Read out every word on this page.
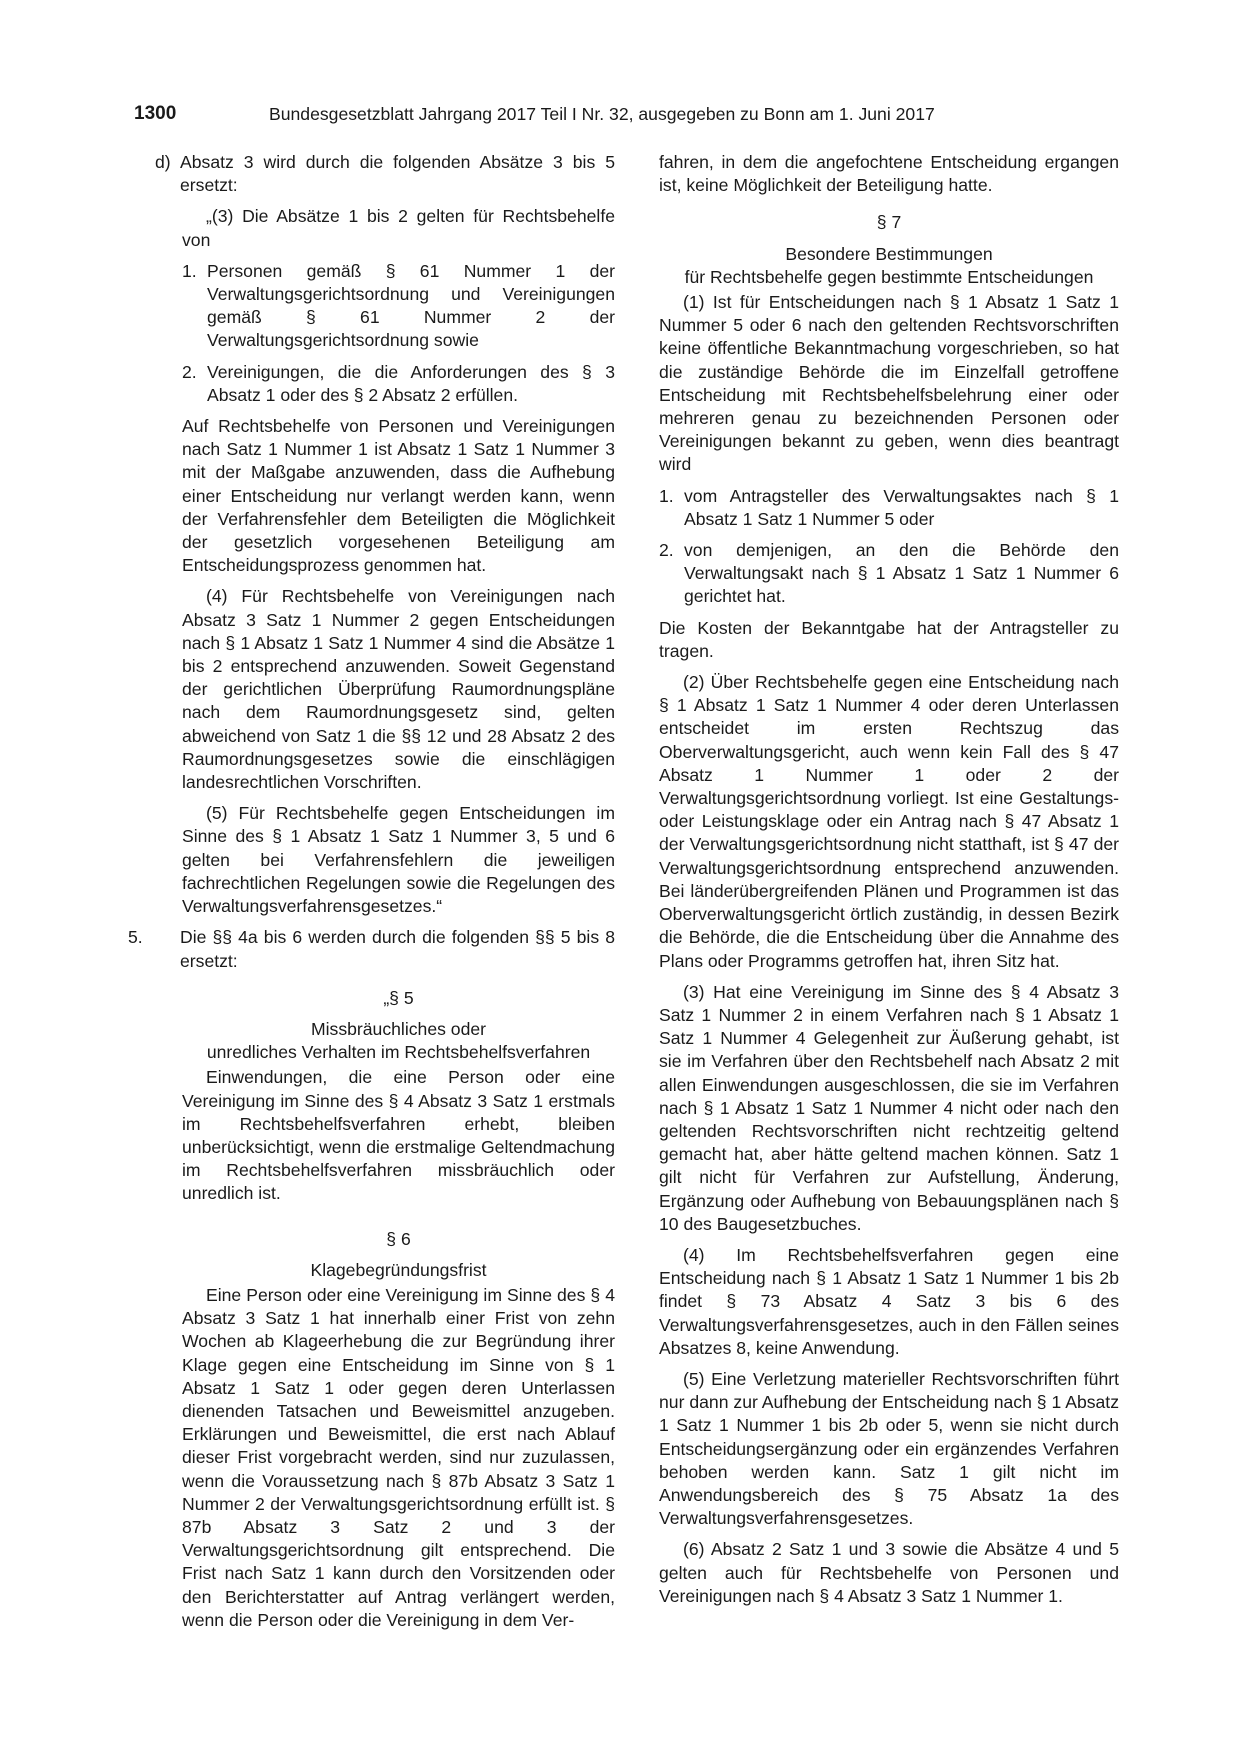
1300	Bundesgesetzblatt Jahrgang 2017 Teil I Nr. 32, ausgegeben zu Bonn am 1. Juni 2017
d) Absatz 3 wird durch die folgenden Absätze 3 bis 5 ersetzt:

„(3) Die Absätze 1 bis 2 gelten für Rechtsbehelfe von

1. Personen gemäß § 61 Nummer 1 der Verwaltungsgerichtsordnung und Vereinigungen gemäß § 61 Nummer 2 der Verwaltungsgerichtsordnung sowie
2. Vereinigungen, die die Anforderungen des § 3 Absatz 1 oder des § 2 Absatz 2 erfüllen.

Auf Rechtsbehelfe von Personen und Vereinigungen nach Satz 1 Nummer 1 ist Absatz 1 Satz 1 Nummer 3 mit der Maßgabe anzuwenden, dass die Aufhebung einer Entscheidung nur verlangt werden kann, wenn der Verfahrensfehler dem Beteiligten die Möglichkeit der gesetzlich vorgesehenen Beteiligung am Entscheidungsprozess genommen hat.

(4) Für Rechtsbehelfe von Vereinigungen nach Absatz 3 Satz 1 Nummer 2 gegen Entscheidungen nach § 1 Absatz 1 Satz 1 Nummer 4 sind die Absätze 1 bis 2 entsprechend anzuwenden. Soweit Gegenstand der gerichtlichen Überprüfung Raumordnungspläne nach dem Raumordnungsgesetz sind, gelten abweichend von Satz 1 die §§ 12 und 28 Absatz 2 des Raumordnungsgesetzes sowie die einschlägigen landesrechtlichen Vorschriften.

(5) Für Rechtsbehelfe gegen Entscheidungen im Sinne des § 1 Absatz 1 Satz 1 Nummer 3, 5 und 6 gelten bei Verfahrensfehlern die jeweiligen fachrechtlichen Regelungen sowie die Regelungen des Verwaltungsverfahrensgesetzes.“

5. Die §§ 4a bis 6 werden durch die folgenden §§ 5 bis 8 ersetzt:

„§ 5

Missbräuchliches oder

unredliches Verhalten im Rechtsbehelfsverfahren

Einwendungen, die eine Person oder eine Vereinigung im Sinne des § 4 Absatz 3 Satz 1 erstmals im Rechtsbehelfsverfahren erhebt, bleiben unberücksichtigt, wenn die erstmalige Geltendmachung im Rechtsbehelfsverfahren missbräuchlich oder unredlich ist.

§ 6

Klagebegründungsfrist

Eine Person oder eine Vereinigung im Sinne des § 4 Absatz 3 Satz 1 hat innerhalb einer Frist von zehn Wochen ab Klageerhebung die zur Begründung ihrer Klage gegen eine Entscheidung im Sinne von § 1 Absatz 1 Satz 1 oder gegen deren Unterlassen dienenden Tatsachen und Beweismittel anzugeben. Erklärungen und Beweismittel, die erst nach Ablauf dieser Frist vorgebracht werden, sind nur zuzulassen, wenn die Voraussetzung nach § 87b Absatz 3 Satz 1 Nummer 2 der Verwaltungsgerichtsordnung erfüllt ist. § 87b Absatz 3 Satz 2 und 3 der Verwaltungsgerichtsordnung gilt entsprechend. Die Frist nach Satz 1 kann durch den Vorsitzenden oder den Berichterstatter auf Antrag verlängert werden, wenn die Person oder die Vereinigung in dem Ver-

fahren, in dem die angefochtene Entscheidung ergangen ist, keine Möglichkeit der Beteiligung hatte.

§ 7

Besondere Bestimmungen

für Rechtsbehelfe gegen bestimmte Entscheidungen

(1) Ist für Entscheidungen nach § 1 Absatz 1 Satz 1 Nummer 5 oder 6 nach den geltenden Rechtsvorschriften keine öffentliche Bekanntmachung vorgeschrieben, so hat die zuständige Behörde die im Einzelfall getroffene Entscheidung mit Rechtsbehelfsbelehrung einer oder mehreren genau zu bezeichnenden Personen oder Vereinigungen bekannt zu geben, wenn dies beantragt wird

1. vom Antragsteller des Verwaltungsaktes nach § 1 Absatz 1 Satz 1 Nummer 5 oder
2. von demjenigen, an den die Behörde den Verwaltungsakt nach § 1 Absatz 1 Satz 1 Nummer 6 gerichtet hat.

Die Kosten der Bekanntgabe hat der Antragsteller zu tragen.

(2) Über Rechtsbehelfe gegen eine Entscheidung nach § 1 Absatz 1 Satz 1 Nummer 4 oder deren Unterlassen entscheidet im ersten Rechtszug das Oberverwaltungsgericht, auch wenn kein Fall des § 47 Absatz 1 Nummer 1 oder 2 der Verwaltungsgerichtsordnung vorliegt. Ist eine Gestaltungs- oder Leistungsklage oder ein Antrag nach § 47 Absatz 1 der Verwaltungsgerichtsordnung nicht statthaft, ist § 47 der Verwaltungsgerichtsordnung entsprechend anzuwenden. Bei länderübergreifenden Plänen und Programmen ist das Oberverwaltungsgericht örtlich zuständig, in dessen Bezirk die Behörde, die die Entscheidung über die Annahme des Plans oder Programms getroffen hat, ihren Sitz hat.

(3) Hat eine Vereinigung im Sinne des § 4 Absatz 3 Satz 1 Nummer 2 in einem Verfahren nach § 1 Absatz 1 Satz 1 Nummer 4 Gelegenheit zur Äußerung gehabt, ist sie im Verfahren über den Rechtsbehelf nach Absatz 2 mit allen Einwendungen ausgeschlossen, die sie im Verfahren nach § 1 Absatz 1 Satz 1 Nummer 4 nicht oder nach den geltenden Rechtsvorschriften nicht rechtzeitig geltend gemacht hat, aber hätte geltend machen können. Satz 1 gilt nicht für Verfahren zur Aufstellung, Änderung, Ergänzung oder Aufhebung von Bebauungsplänen nach § 10 des Baugesetzbuches.

(4) Im Rechtsbehelfsverfahren gegen eine Entscheidung nach § 1 Absatz 1 Satz 1 Nummer 1 bis 2b findet § 73 Absatz 4 Satz 3 bis 6 des Verwaltungsverfahrensgesetzes, auch in den Fällen seines Absatzes 8, keine Anwendung.

(5) Eine Verletzung materieller Rechtsvorschriften führt nur dann zur Aufhebung der Entscheidung nach § 1 Absatz 1 Satz 1 Nummer 1 bis 2b oder 5, wenn sie nicht durch Entscheidungsergänzung oder ein ergänzendes Verfahren behoben werden kann. Satz 1 gilt nicht im Anwendungsbereich des § 75 Absatz 1a des Verwaltungsverfahrensgesetzes.

(6) Absatz 2 Satz 1 und 3 sowie die Absätze 4 und 5 gelten auch für Rechtsbehelfe von Personen und Vereinigungen nach § 4 Absatz 3 Satz 1 Nummer 1.
